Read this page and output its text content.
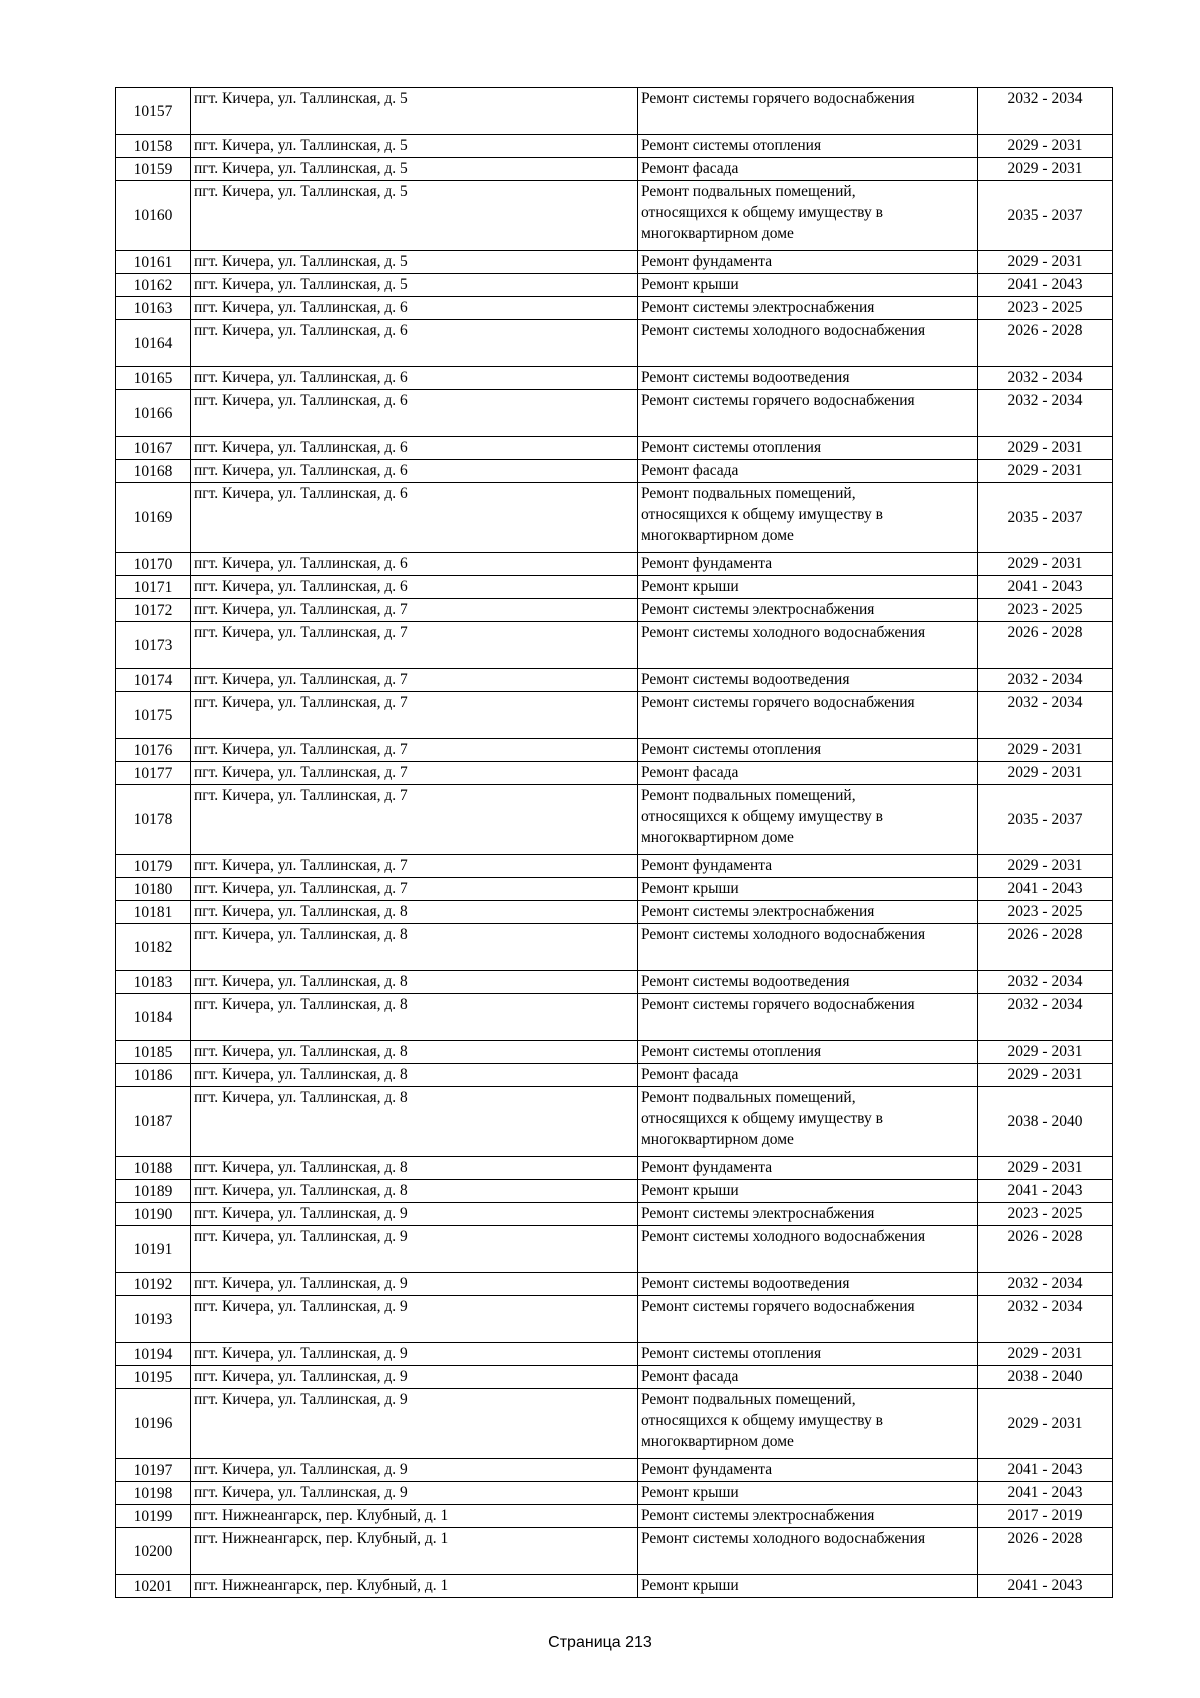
10157	пгт. Кичера, ул. Таллинская, д. 5	Ремонт системы горячего водоснабжения	2032 - 2034
10158	пгт. Кичера, ул. Таллинская, д. 5	Ремонт системы отопления	2029 - 2031
10159	пгт. Кичера, ул. Таллинская, д. 5	Ремонт фасада	2029 - 2031
10160	пгт. Кичера, ул. Таллинская, д. 5	Ремонт подвальных помещений,
относящихся к общему имуществу в
многоквартирном доме	2035 - 2037
10161	пгт. Кичера, ул. Таллинская, д. 5	Ремонт фундамента	2029 - 2031
10162	пгт. Кичера, ул. Таллинская, д. 5	Ремонт крыши	2041 - 2043
10163	пгт. Кичера, ул. Таллинская, д. 6	Ремонт системы электроснабжения	2023 - 2025
10164	пгт. Кичера, ул. Таллинская, д. 6	Ремонт системы холодного водоснабжения	2026 - 2028
10165	пгт. Кичера, ул. Таллинская, д. 6	Ремонт системы водоотведения	2032 - 2034
10166	пгт. Кичера, ул. Таллинская, д. 6	Ремонт системы горячего водоснабжения	2032 - 2034
10167	пгт. Кичера, ул. Таллинская, д. 6	Ремонт системы отопления	2029 - 2031
10168	пгт. Кичера, ул. Таллинская, д. 6	Ремонт фасада	2029 - 2031
10169	пгт. Кичера, ул. Таллинская, д. 6	Ремонт подвальных помещений,
относящихся к общему имуществу в
многоквартирном доме	2035 - 2037
10170	пгт. Кичера, ул. Таллинская, д. 6	Ремонт фундамента	2029 - 2031
10171	пгт. Кичера, ул. Таллинская, д. 6	Ремонт крыши	2041 - 2043
10172	пгт. Кичера, ул. Таллинская, д. 7	Ремонт системы электроснабжения	2023 - 2025
10173	пгт. Кичера, ул. Таллинская, д. 7	Ремонт системы холодного водоснабжения	2026 - 2028
10174	пгт. Кичера, ул. Таллинская, д. 7	Ремонт системы водоотведения	2032 - 2034
10175	пгт. Кичера, ул. Таллинская, д. 7	Ремонт системы горячего водоснабжения	2032 - 2034
10176	пгт. Кичера, ул. Таллинская, д. 7	Ремонт системы отопления	2029 - 2031
10177	пгт. Кичера, ул. Таллинская, д. 7	Ремонт фасада	2029 - 2031
10178	пгт. Кичера, ул. Таллинская, д. 7	Ремонт подвальных помещений,
относящихся к общему имуществу в
многоквартирном доме	2035 - 2037
10179	пгт. Кичера, ул. Таллинская, д. 7	Ремонт фундамента	2029 - 2031
10180	пгт. Кичера, ул. Таллинская, д. 7	Ремонт крыши	2041 - 2043
10181	пгт. Кичера, ул. Таллинская, д. 8	Ремонт системы электроснабжения	2023 - 2025
10182	пгт. Кичера, ул. Таллинская, д. 8	Ремонт системы холодного водоснабжения	2026 - 2028
10183	пгт. Кичера, ул. Таллинская, д. 8	Ремонт системы водоотведения	2032 - 2034
10184	пгт. Кичера, ул. Таллинская, д. 8	Ремонт системы горячего водоснабжения	2032 - 2034
10185	пгт. Кичера, ул. Таллинская, д. 8	Ремонт системы отопления	2029 - 2031
10186	пгт. Кичера, ул. Таллинская, д. 8	Ремонт фасада	2029 - 2031
10187	пгт. Кичера, ул. Таллинская, д. 8	Ремонт подвальных помещений,
относящихся к общему имуществу в
многоквартирном доме	2038 - 2040
10188	пгт. Кичера, ул. Таллинская, д. 8	Ремонт фундамента	2029 - 2031
10189	пгт. Кичера, ул. Таллинская, д. 8	Ремонт крыши	2041 - 2043
10190	пгт. Кичера, ул. Таллинская, д. 9	Ремонт системы электроснабжения	2023 - 2025
10191	пгт. Кичера, ул. Таллинская, д. 9	Ремонт системы холодного водоснабжения	2026 - 2028
10192	пгт. Кичера, ул. Таллинская, д. 9	Ремонт системы водоотведения	2032 - 2034
10193	пгт. Кичера, ул. Таллинская, д. 9	Ремонт системы горячего водоснабжения	2032 - 2034
10194	пгт. Кичера, ул. Таллинская, д. 9	Ремонт системы отопления	2029 - 2031
10195	пгт. Кичера, ул. Таллинская, д. 9	Ремонт фасада	2038 - 2040
10196	пгт. Кичера, ул. Таллинская, д. 9	Ремонт подвальных помещений,
относящихся к общему имуществу в
многоквартирном доме	2029 - 2031
10197	пгт. Кичера, ул. Таллинская, д. 9	Ремонт фундамента	2041 - 2043
10198	пгт. Кичера, ул. Таллинская, д. 9	Ремонт крыши	2041 - 2043
10199	пгт. Нижнеангарск, пер. Клубный, д. 1	Ремонт системы электроснабжения	2017 - 2019
10200	пгт. Нижнеангарск, пер. Клубный, д. 1	Ремонт системы холодного водоснабжения	2026 - 2028
10201	пгт. Нижнеангарск, пер. Клубный, д. 1	Ремонт крыши	2041 - 2043
Страница 213
